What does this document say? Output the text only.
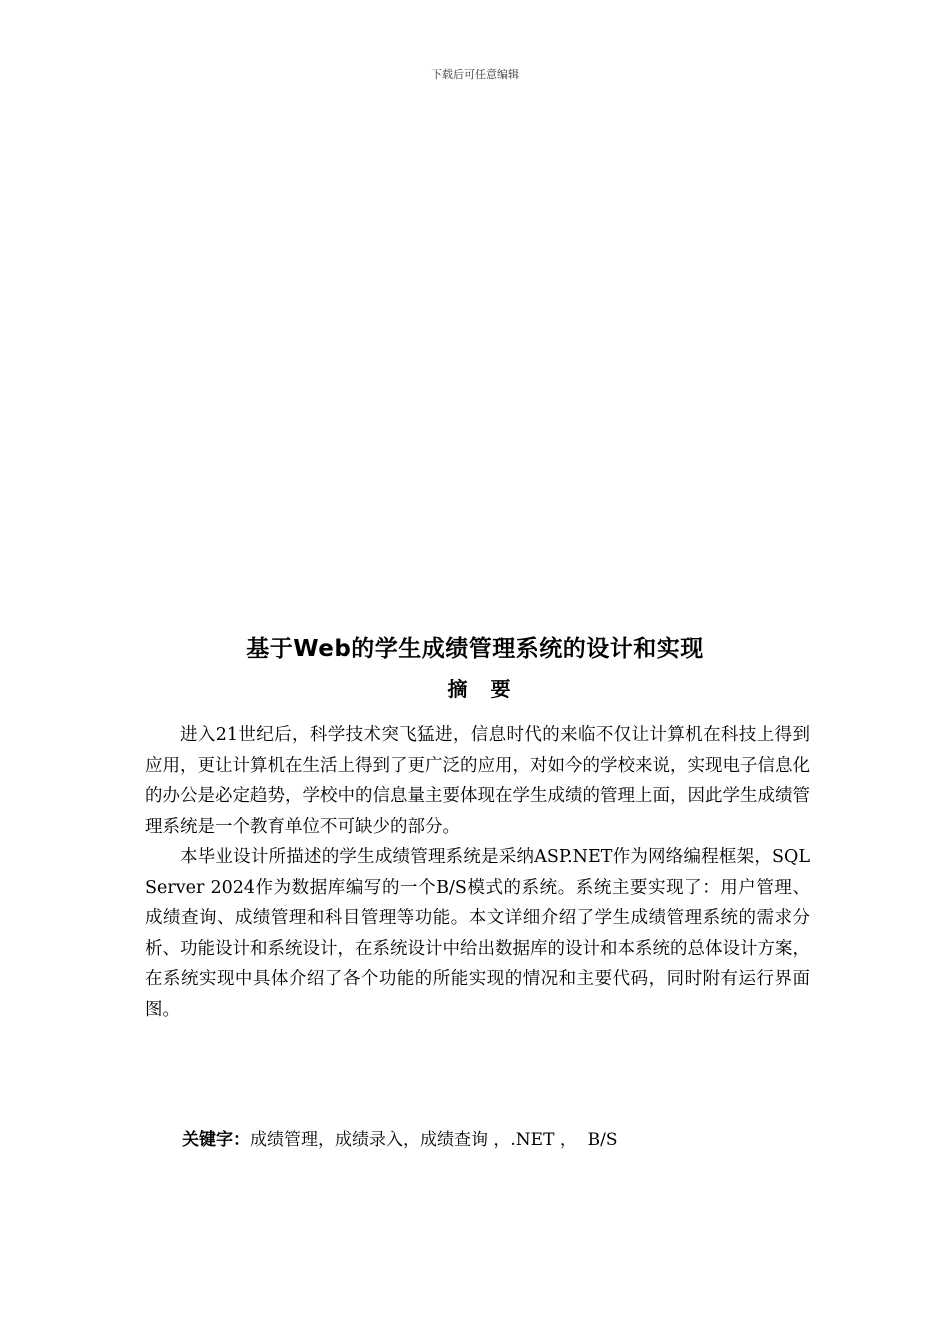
下载后可任意编辑
基于Web的学生成绩管理系统的设计和实现
摘 要

进入21世纪后，科学技术突飞猛进，信息时代的来临不仅让计算机在科技上得到应用，更让计算机在生活上得到了更广泛的应用，对如今的学校来说，实现电子信息化的办公是必定趋势，学校中的信息量主要体现在学生成绩的管理上面，因此学生成绩管理系统是一个教育单位不可缺少的部分。

本毕业设计所描述的学生成绩管理系统是采纳ASP.NET作为网络编程框架，SQL Server 2024作为数据库编写的一个B/S模式的系统。系统主要实现了：用户管理、成绩查询、成绩管理和科目管理等功能。本文详细介绍了学生成绩管理系统的需求分析、功能设计和系统设计，在系统设计中给出数据库的设计和本系统的总体设计方案，在系统实现中具体介绍了各个功能的所能实现的情况和主要代码，同时附有运行界面图。

关键字：成绩管理，成绩录入，成绩查询 ，.NET ，  B/S
